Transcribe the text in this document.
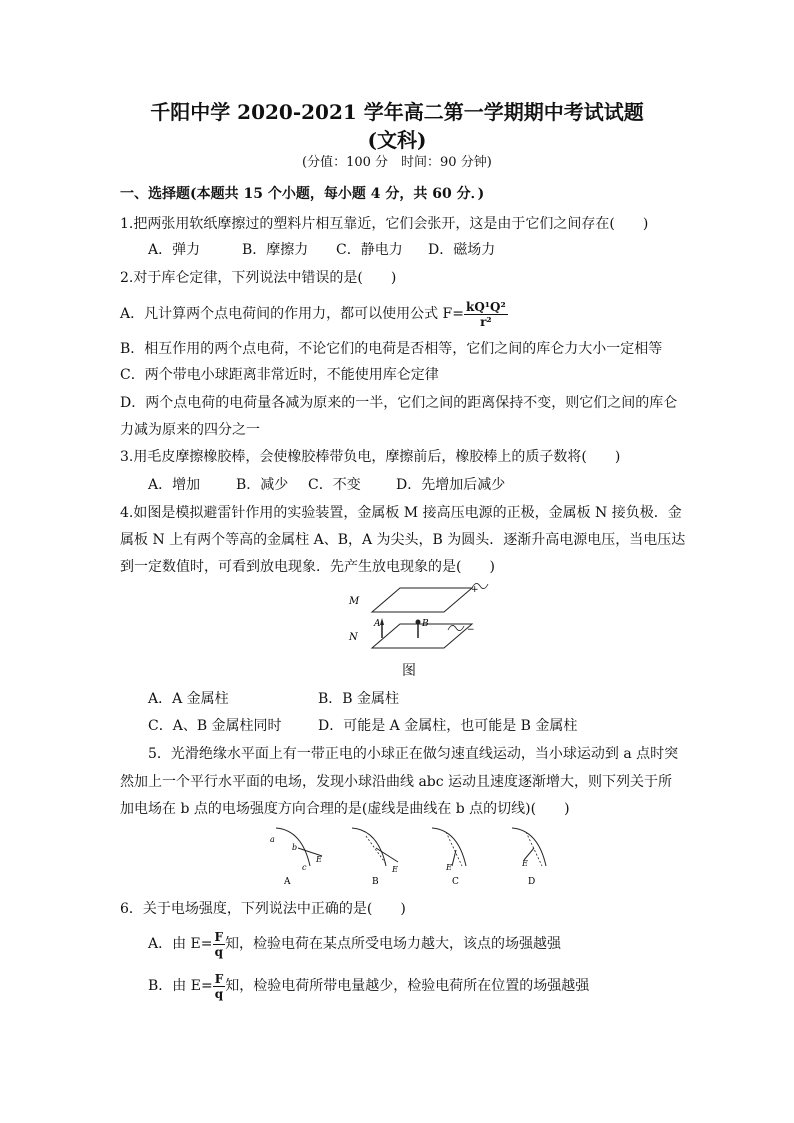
千阳中学 2020-2021 学年高二第一学期期中考试试题
(文科)
(分值：100 分　时间：90 分钟)
一、选择题(本题共 15 个小题，每小题 4 分，共 60 分．)
1.把两张用软纸摩擦过的塑料片相互靠近，它们会张开，这是由于它们之间存在(　　)
A．弹力	B．摩擦力 C．静电力 D．磁场力
2.对于库仑定律，下列说法中错误的是(　　)
A．凡计算两个点电荷间的作用力，都可以使用公式 $F= \frac{\text{kQ¹Q²}}{\text{r²}}$
B．相互作用的两个点电荷，不论它们的电荷是否相等，它们之间的库仑力大小一定相等
C．两个带电小球距离非常近时，不能使用库仑定律
D．两个点电荷的电荷量各减为原来的一半，它们之间的距离保持不变，则它们之间的库仑
力减为原来的四分之一
3.用毛皮摩擦橡胶棒，会使橡胶棒带负电，摩擦前后，橡胶棒上的质子数将(　　)
A．增加	B．减少 C．不变	D．先增加后减少
4.如图是模拟避雷针作用的实验装置，金属板 M 接高压电源的正极，金属板 N 接负极．金
属板 N 上有两个等高的金属柱 A、B，A 为尖头，B 为圆头．逐渐升高电源电压，当电压达
到一定数值时，可看到放电现象．先产生放电现象的是(　　)
M
+
N
−
A	B
图
A．A 金属柱	B．B 金属柱
C．A、B 金属柱同时	D．可能是 A 金属柱，也可能是 B 金属柱
5．光滑绝缘水平面上有一带正电的小球正在做匀速直线运动，当小球运动到 a 点时突
然加上一个平行水平面的电场，发现小球沿曲线 abc 运动且速度逐渐增大，则下列关于所
加电场在 b 点的电场强度方向合理的是(虚线是曲线在 b 点的切线)(　　)
a
b
c
E
A
E
B
E
C
E
D
6．关于电场强度，下列说法中正确的是(　　)
A．由 $E= \frac{F}{q}$ 知，检验电荷在某点所受电场力越大，该点的场强越强
B．由 $E= \frac{F}{q}$ 知，检验电荷所带电量越少，检验电荷所在位置的场强越强
